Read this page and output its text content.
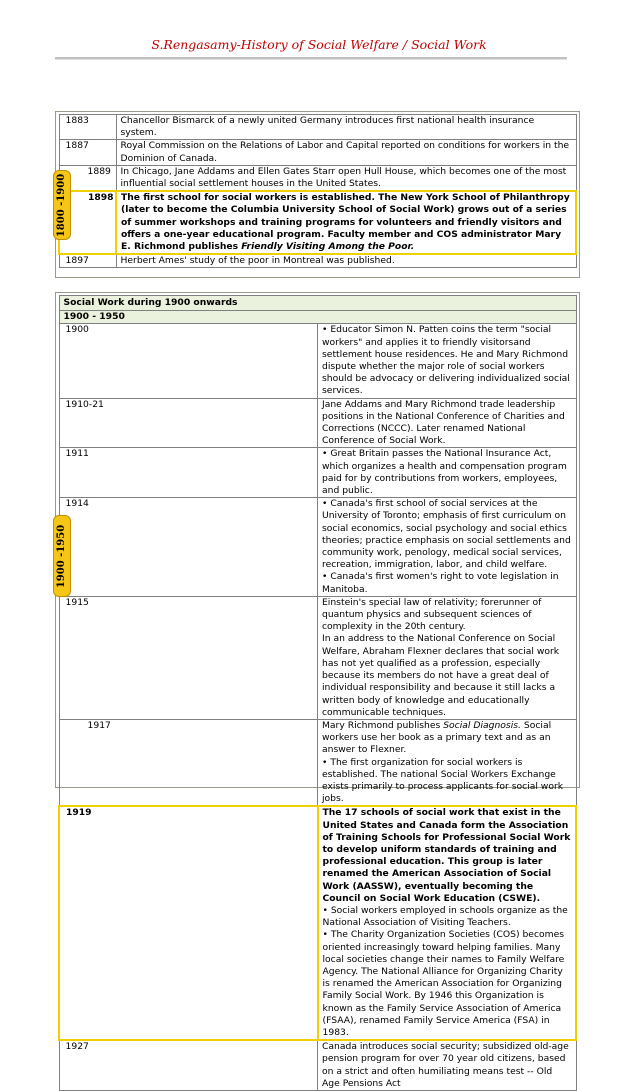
S.Rengasamy-History of Social Welfare / Social Work
1883	Chancellor Bismarck of a newly united Germany introduces first national health insurance system.
1887	Royal Commission on the Relations of Labor and Capital reported on conditions for workers in the Dominion of Canada.
1889	In Chicago, Jane Addams and Ellen Gates Starr open Hull House, which becomes one of the most influential social settlement houses in the United States.
1898	The first school for social workers is established. The New York School of Philanthropy (later to become the Columbia University School of Social Work) grows out of a series of summer workshops and training programs for volunteers and friendly visitors and offers a one-year educational program. Faculty member and COS administrator Mary E. Richmond publishes Friendly Visiting Among the Poor.
1897	Herbert Ames' study of the poor in Montreal was published.
1800 -1900
Social Work during 1900 onwards	
1900 - 1950	
1900	• Educator Simon N. Patten coins the term "social workers" and applies it to friendly visitorsand settlement house residences. He and Mary Richmond dispute whether the major role of social workers should be advocacy or delivering individualized social services.
1910-21	Jane Addams and Mary Richmond trade leadership positions in the National Conference of Charities and Corrections (NCCC). Later renamed National Conference of Social Work.
1911	• Great Britain passes the National Insurance Act, which organizes a health and compensation program paid for by contributions from workers, employees, and public.
1914	• Canada's first school of social services at the University of Toronto; emphasis of first curriculum on social economics, social psychology and social ethics theories; practice emphasis on social settlements and community work, penology, medical social services, recreation, immigration, labor, and child welfare.
• Canada's first women's right to vote legislation in Manitoba.

1915	Einstein's special law of relativity; forerunner of quantum physics and subsequent sciences of complexity in the 20th century.
In an address to the National Conference on Social Welfare, Abraham Flexner declares that social work has not yet qualified as a profession, especially because its members do not have a great deal of individual responsibility and because it still lacks a written body of knowledge and educationally communicable techniques.

1917	Mary Richmond publishes Social Diagnosis. Social workers use her book as a primary text and as an answer to Flexner.
• The first organization for social workers is established. The national Social Workers Exchange exists primarily to process applicants for social work jobs.

1919	The 17 schools of social work that exist in the United States and Canada form the Association of Training Schools for Professional Social Work to develop uniform standards of training and professional education. This group is later renamed the American Association of Social Work (AASSW), eventually becoming the Council on Social Work Education (CSWE).
• Social workers employed in schools organize as the National Association of Visiting Teachers.
• The Charity Organization Societies (COS) becomes oriented increasingly toward helping families. Many local societies change their names to Family Welfare Agency. The National Alliance for Organizing Charity is renamed the American Association for Organizing Family Social Work. By 1946 this Organization is known as the Family Service Association of America (FSAA), renamed Family Service America (FSA) in 1983.

1927	Canada introduces social security; subsidized old-age pension program for over 70 year old citizens, based on a strict and often humiliating means test -- Old Age Pensions Act
1900 -1950
